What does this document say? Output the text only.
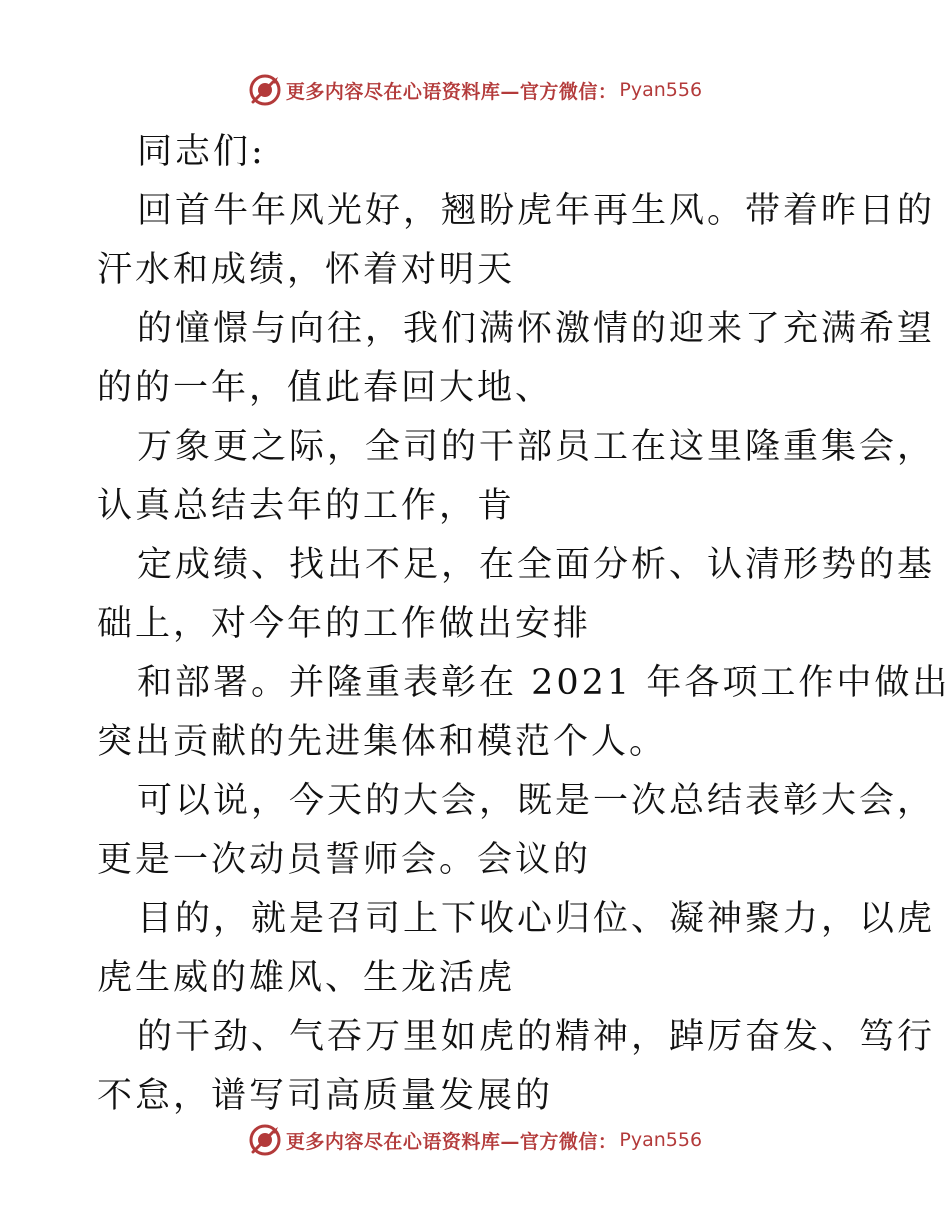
更多内容尽在心语资料库—官方微信： Pyan556

同志们:

回首牛年风光好，翘盼虎年再生风。带着昨日的

汗水和成绩，怀着对明天

的憧憬与向往，我们满怀激情的迎来了充满希望

的的一年，值此春回大地、

万象更之际，全司的干部员工在这里隆重集会，

认真总结去年的工作，肯

定成绩、找出不足，在全面分析、认清形势的基

础上，对今年的工作做出安排

和部署。并隆重表彰在 2021 年各项工作中做出

突出贡献的先进集体和模范个人。

可以说，今天的大会，既是一次总结表彰大会，

更是一次动员誓师会。会议的

目的，就是召司上下收心归位、凝神聚力，以虎

虎生威的雄风、生龙活虎

的干劲、气吞万里如虎的精神，踔厉奋发、笃行

不怠，谱写司高质量发展的

更多内容尽在心语资料库—官方微信： Pyan556
